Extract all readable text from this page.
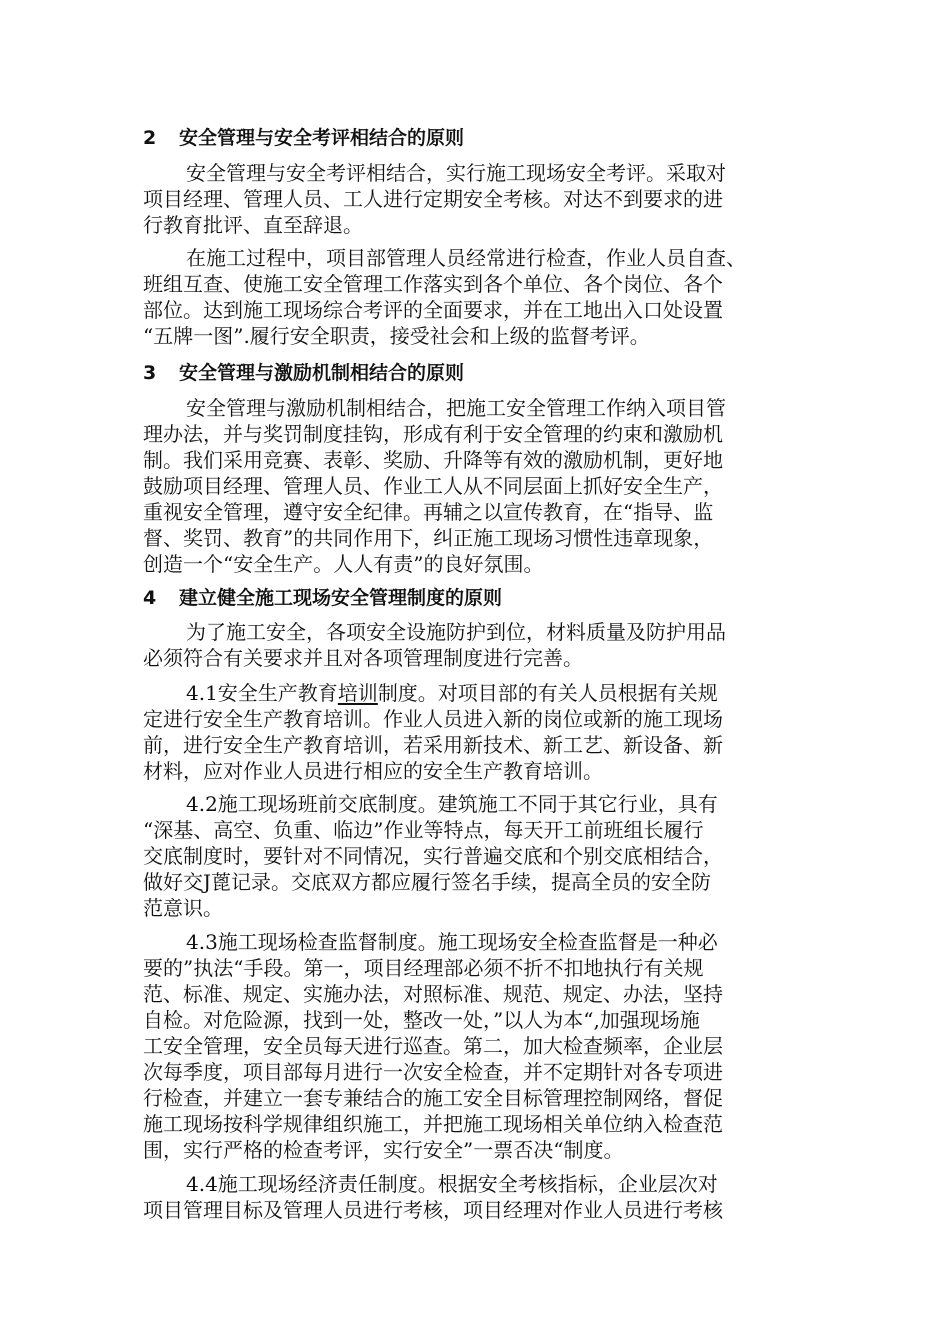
2 安全管理与安全考评相结合的原则
安全管理与安全考评相结合，实行施工现场安全考评。采取对
项目经理、管理人员、工人进行定期安全考核。对达不到要求的进
行教育批评、直至辞退。
在施工过程中，项目部管理人员经常进行检查，作业人员自查、
班组互查、使施工安全管理工作落实到各个单位、各个岗位、各个
部位。达到施工现场综合考评的全面要求，并在工地出入口处设置
“五牌一图”.履行安全职责，接受社会和上级的监督考评。
3 安全管理与激励机制相结合的原则
安全管理与激励机制相结合，把施工安全管理工作纳入项目管
理办法，并与奖罚制度挂钩，形成有利于安全管理的约束和激励机
制。我们采用竞赛、表彰、奖励、升降等有效的激励机制，更好地
鼓励项目经理、管理人员、作业工人从不同层面上抓好安全生产，
重视安全管理，遵守安全纪律。再辅之以宣传教育，在“指导、监
督、奖罚、教育”的共同作用下，纠正施工现场习惯性违章现象，
创造一个“安全生产。人人有责”的良好氛围。
4 建立健全施工现场安全管理制度的原则
为了施工安全，各项安全设施防护到位，材料质量及防护用品
必须符合有关要求并且对各项管理制度进行完善。
4.1安全生产教育培训制度。对项目部的有关人员根据有关规
定进行安全生产教育培训。作业人员进入新的岗位或新的施工现场
前，进行安全生产教育培训，若采用新技术、新工艺、新设备、新
材料，应对作业人员进行相应的安全生产教育培训。
4.2施工现场班前交底制度。建筑施工不同于其它行业，具有
“深基、高空、负重、临边”作业等特点，每天开工前班组长履行
交底制度时，要针对不同情况，实行普遍交底和个别交底相结合，
做好交J蓖记录。交底双方都应履行签名手续，提高全员的安全防
范意识。
4.3施工现场检查监督制度。施工现场安全检查监督是一种必
要的”执法“手段。第一，项目经理部必须不折不扣地执行有关规
范、标准、规定、实施办法，对照标准、规范、规定、办法，坚持
自检。对危险源，找到一处，整改一处，”以人为本“,加强现场施
工安全管理，安全员每天进行巡查。第二，加大检查频率，企业层
次每季度，项目部每月进行一次安全检查，并不定期针对各专项进
行检查，并建立一套专兼结合的施工安全目标管理控制网络，督促
施工现场按科学规律组织施工，并把施工现场相关单位纳入检查范
围，实行严格的检查考评，实行安全”一票否决“制度。
4.4施工现场经济责任制度。根据安全考核指标，企业层次对
项目管理目标及管理人员进行考核，项目经理对作业人员进行考核
